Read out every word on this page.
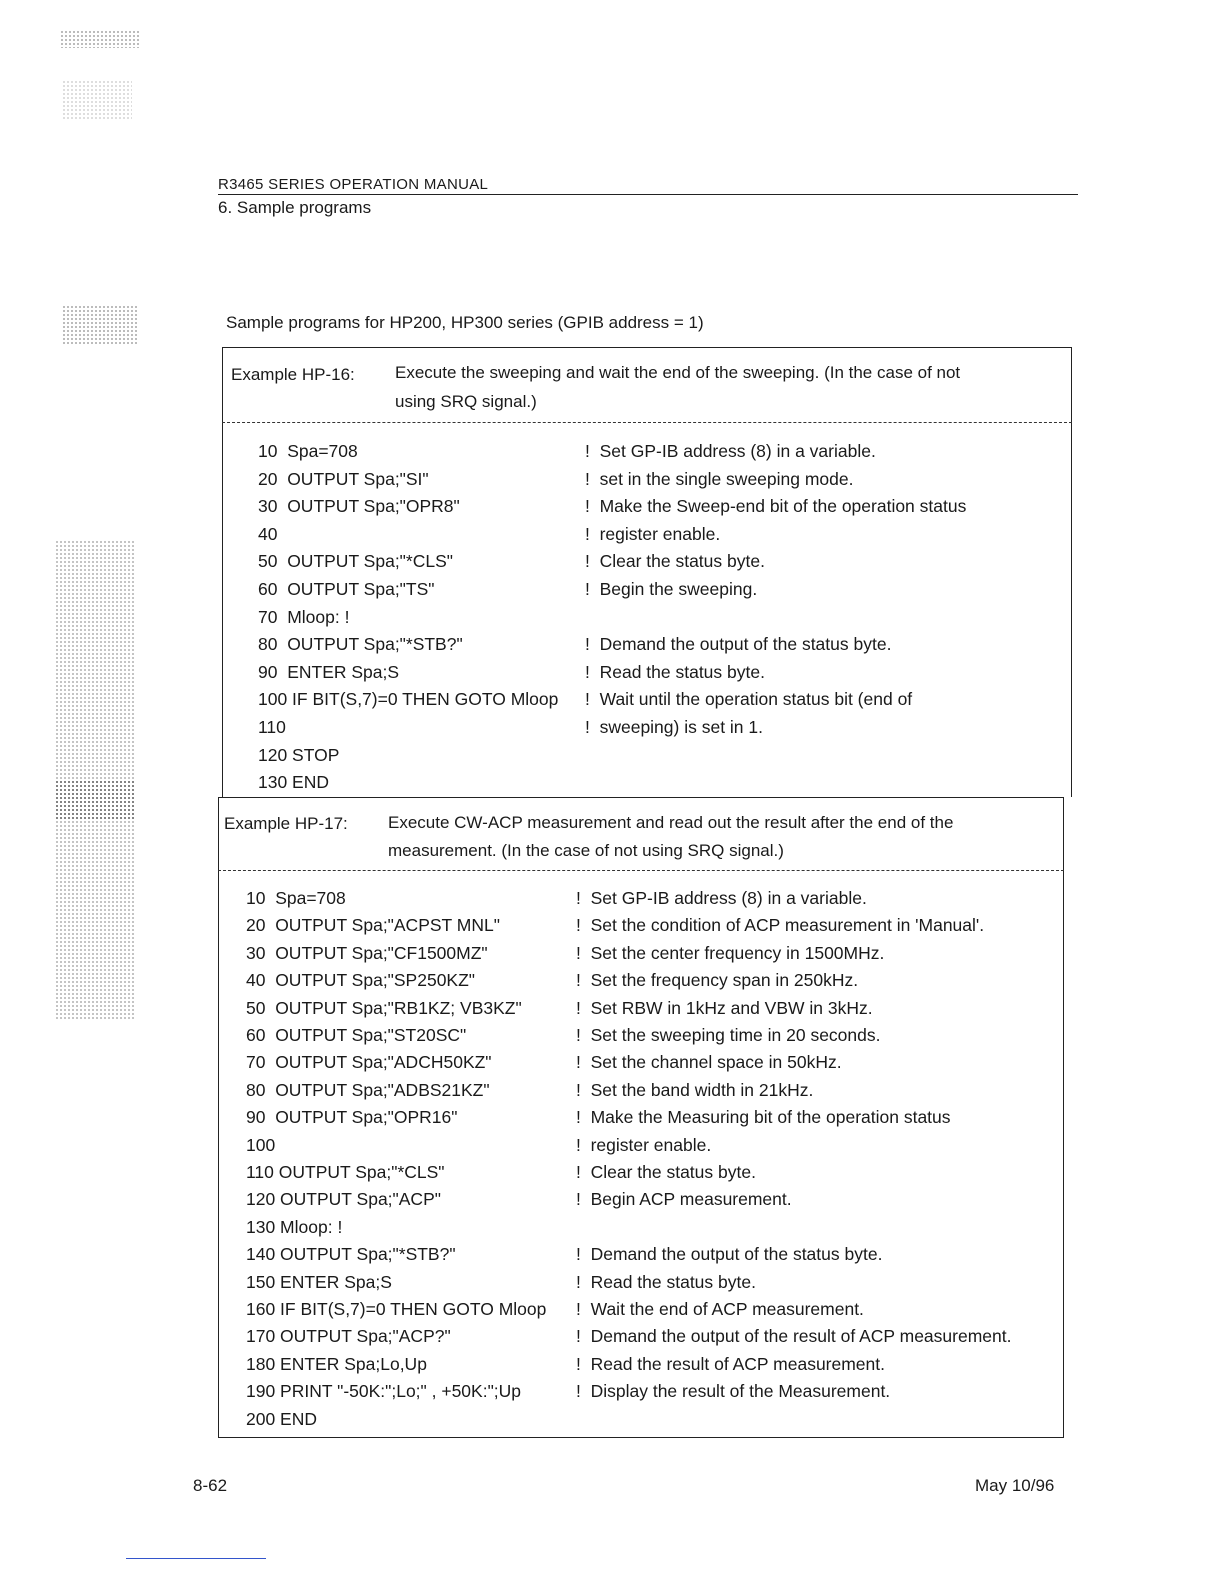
R3465 SERIES OPERATION MANUAL
6. Sample programs
Sample programs for HP200, HP300 series (GPIB address = 1)
Example HP-16: Execute the sweeping and wait the end of the sweeping. (In the case of not
using SRQ signal.)
10  Spa=708
20  OUTPUT Spa;"SI"
30  OUTPUT Spa;"OPR8"
40
50  OUTPUT Spa;"*CLS"
60  OUTPUT Spa;"TS"
70  Mloop: !
80  OUTPUT Spa;"*STB?"
90  ENTER Spa;S
100 IF BIT(S,7)=0 THEN GOTO Mloop
110
120 STOP
130 END
!  Set GP-IB address (8) in a variable.
!  set in the single sweeping mode.
!  Make the Sweep-end bit of the operation status
!  register enable.
!  Clear the status byte.
!  Begin the sweeping.
!  Demand the output of the status byte.
!  Read the status byte.
!  Wait until the operation status bit (end of
!  sweeping) is set in 1.
Example HP-17: Execute CW-ACP measurement and read out the result after the end of the
measurement. (In the case of not using SRQ signal.)
10  Spa=708
20  OUTPUT Spa;"ACPST MNL"
30  OUTPUT Spa;"CF1500MZ"
40  OUTPUT Spa;"SP250KZ"
50  OUTPUT Spa;"RB1KZ; VB3KZ"
60  OUTPUT Spa;"ST20SC"
70  OUTPUT Spa;"ADCH50KZ"
80  OUTPUT Spa;"ADBS21KZ"
90  OUTPUT Spa;"OPR16"
100
110 OUTPUT Spa;"*CLS"
120 OUTPUT Spa;"ACP"
130 Mloop: !
140 OUTPUT Spa;"*STB?"
150 ENTER Spa;S
160 IF BIT(S,7)=0 THEN GOTO Mloop
170 OUTPUT Spa;"ACP?"
180 ENTER Spa;Lo,Up
190 PRINT "-50K:";Lo;" , +50K:";Up
200 END
!  Set GP-IB address (8) in a variable.
!  Set the condition of ACP measurement in 'Manual'.
!  Set the center frequency in 1500MHz.
!  Set the frequency span in 250kHz.
!  Set RBW in 1kHz and VBW in 3kHz.
!  Set the sweeping time in 20 seconds.
!  Set the channel space in 50kHz.
!  Set the band width in 21kHz.
!  Make the Measuring bit of the operation status
!  register enable.
!  Clear the status byte.
!  Begin ACP measurement.
!  Demand the output of the status byte.
!  Read the status byte.
!  Wait the end of ACP measurement.
!  Demand the output of the result of ACP measurement.
!  Read the result of ACP measurement.
!  Display the result of the Measurement.
8-62	May 10/96
